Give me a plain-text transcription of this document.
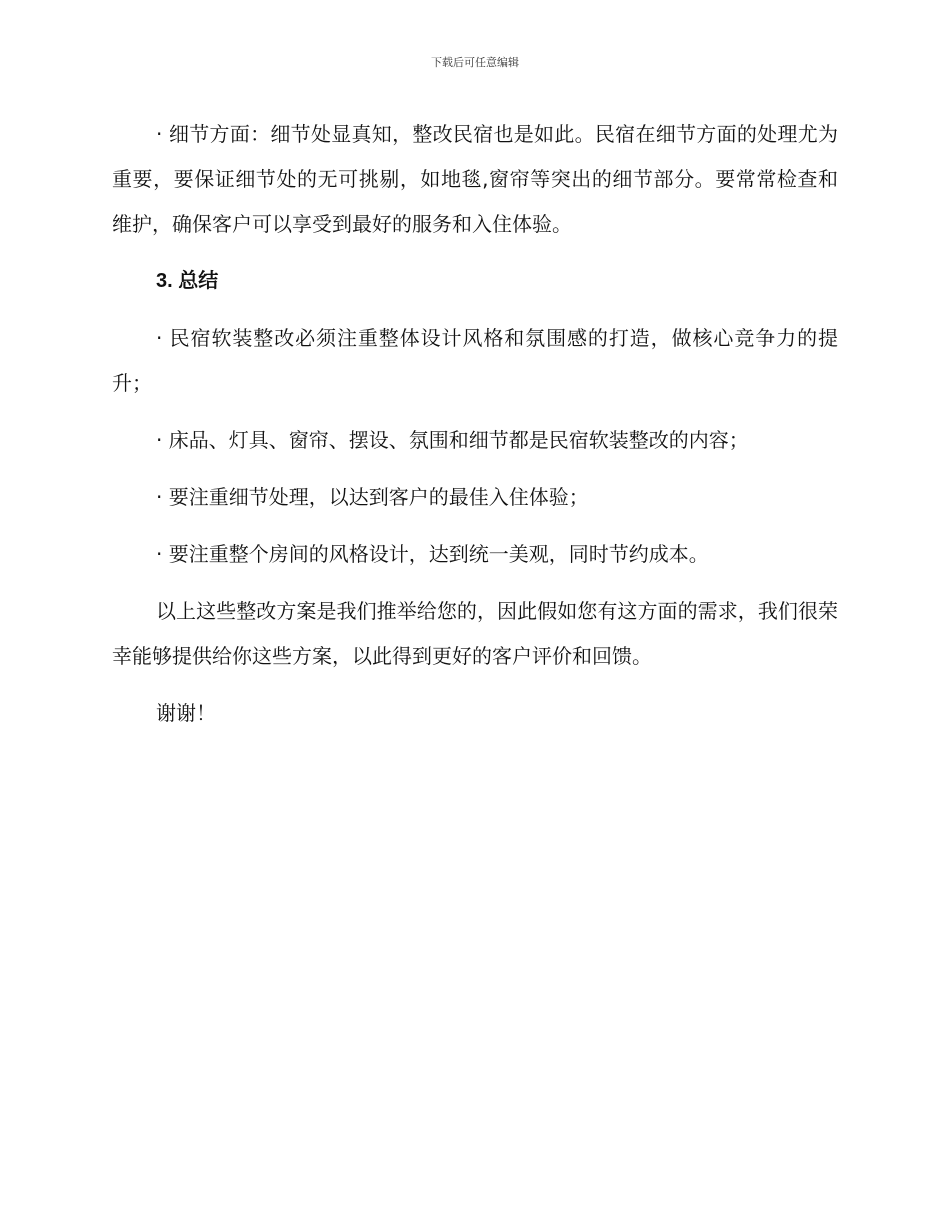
下载后可任意编辑

· 细节方面：细节处显真知，整改民宿也是如此。民宿在细节方面的处理尤为重要，要保证细节处的无可挑剔，如地毯,窗帘等突出的细节部分。要常常检查和维护，确保客户可以享受到最好的服务和入住体验。

3. 总结

· 民宿软装整改必须注重整体设计风格和氛围感的打造，做核心竞争力的提升；

· 床品、灯具、窗帘、摆设、氛围和细节都是民宿软装整改的内容；

· 要注重细节处理，以达到客户的最佳入住体验；

· 要注重整个房间的风格设计，达到统一美观，同时节约成本。

以上这些整改方案是我们推举给您的，因此假如您有这方面的需求，我们很荣幸能够提供给你这些方案，以此得到更好的客户评价和回馈。

谢谢！
